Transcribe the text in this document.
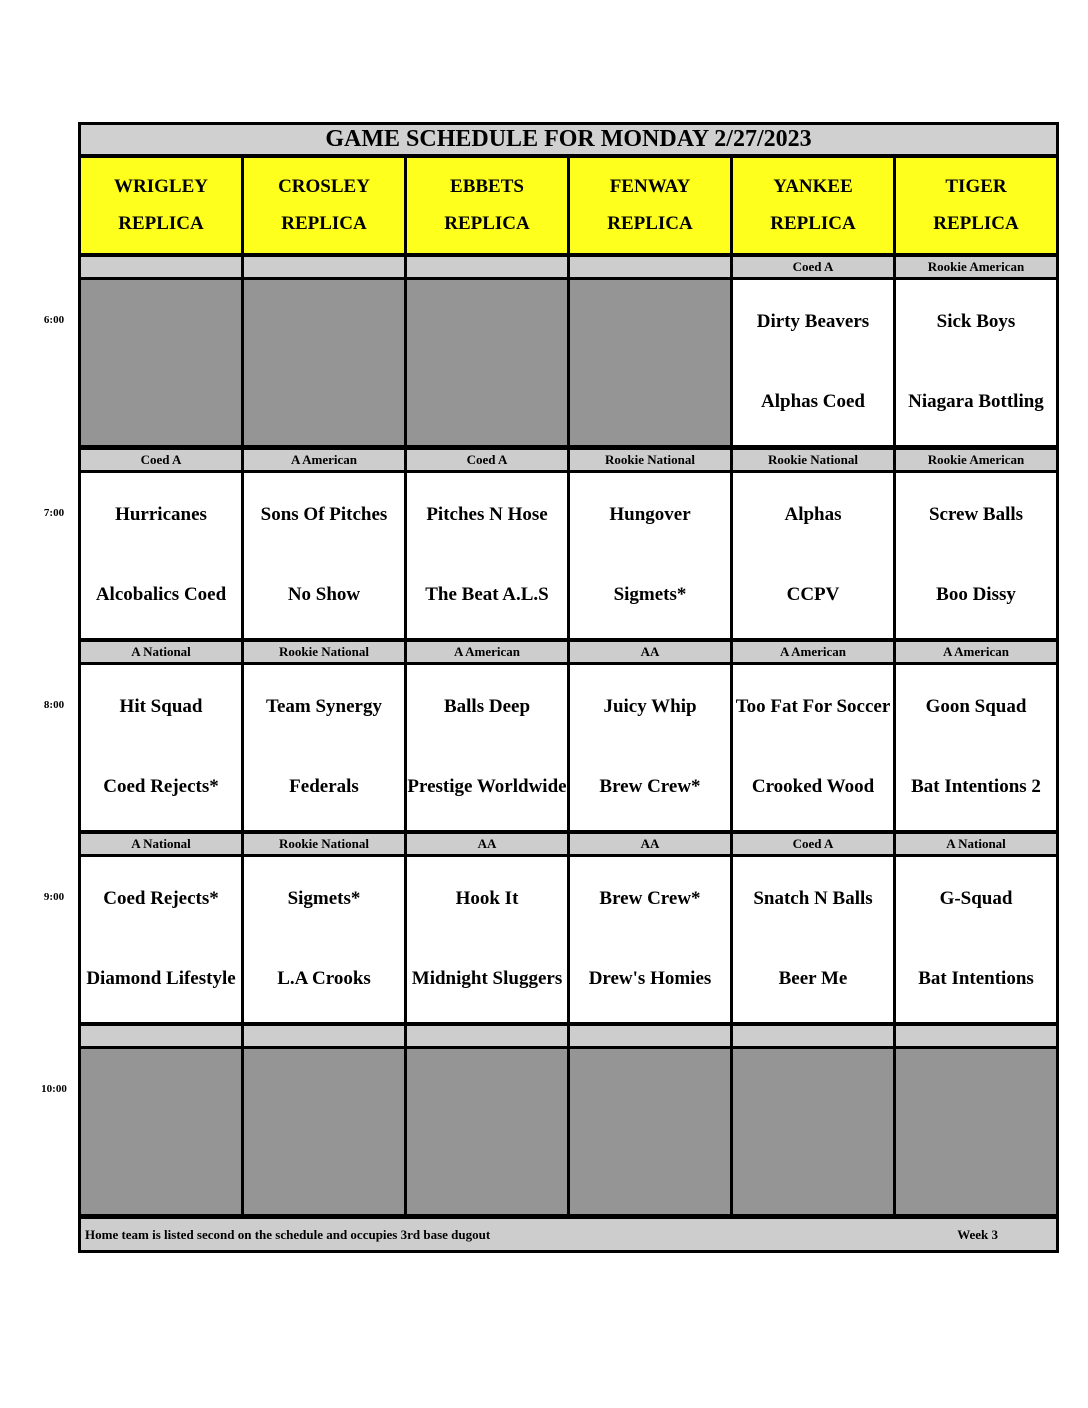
GAME SCHEDULE FOR MONDAY 2/27/2023
WRIGLEY
REPLICA
CROSLEY
REPLICA
EBBETS
REPLICA
FENWAY
REPLICA
YANKEE
REPLICA
TIGER
REPLICA
Coed A
Dirty Beavers
Alphas Coed
Rookie American
Sick Boys
Niagara Bottling
Coed A
Hurricanes
Alcobalics Coed
A American
Sons Of Pitches
No Show
Coed A
Pitches N Hose
The Beat A.L.S
Rookie National
Hungover
Sigmets*
Rookie National
Alphas
CCPV
Rookie American
Screw Balls
Boo Dissy
A National
Hit Squad
Coed Rejects*
Rookie National
Team Synergy
Federals
A American
Balls Deep
Prestige Worldwide
AA
Juicy Whip
Brew Crew*
A American
Too Fat For Soccer
Crooked Wood
A American
Goon Squad
Bat Intentions 2
A National
Coed Rejects*
Diamond Lifestyle
Rookie National
Sigmets*
L.A Crooks
AA
Hook It
Midnight Sluggers
AA
Brew Crew*
Drew's Homies
Coed A
Snatch N Balls
Beer Me
A National
G-Squad
Bat Intentions
Home team is listed second on the schedule and occupies 3rd base dugout	Week 3
6:00
7:00
8:00
9:00
10:00
